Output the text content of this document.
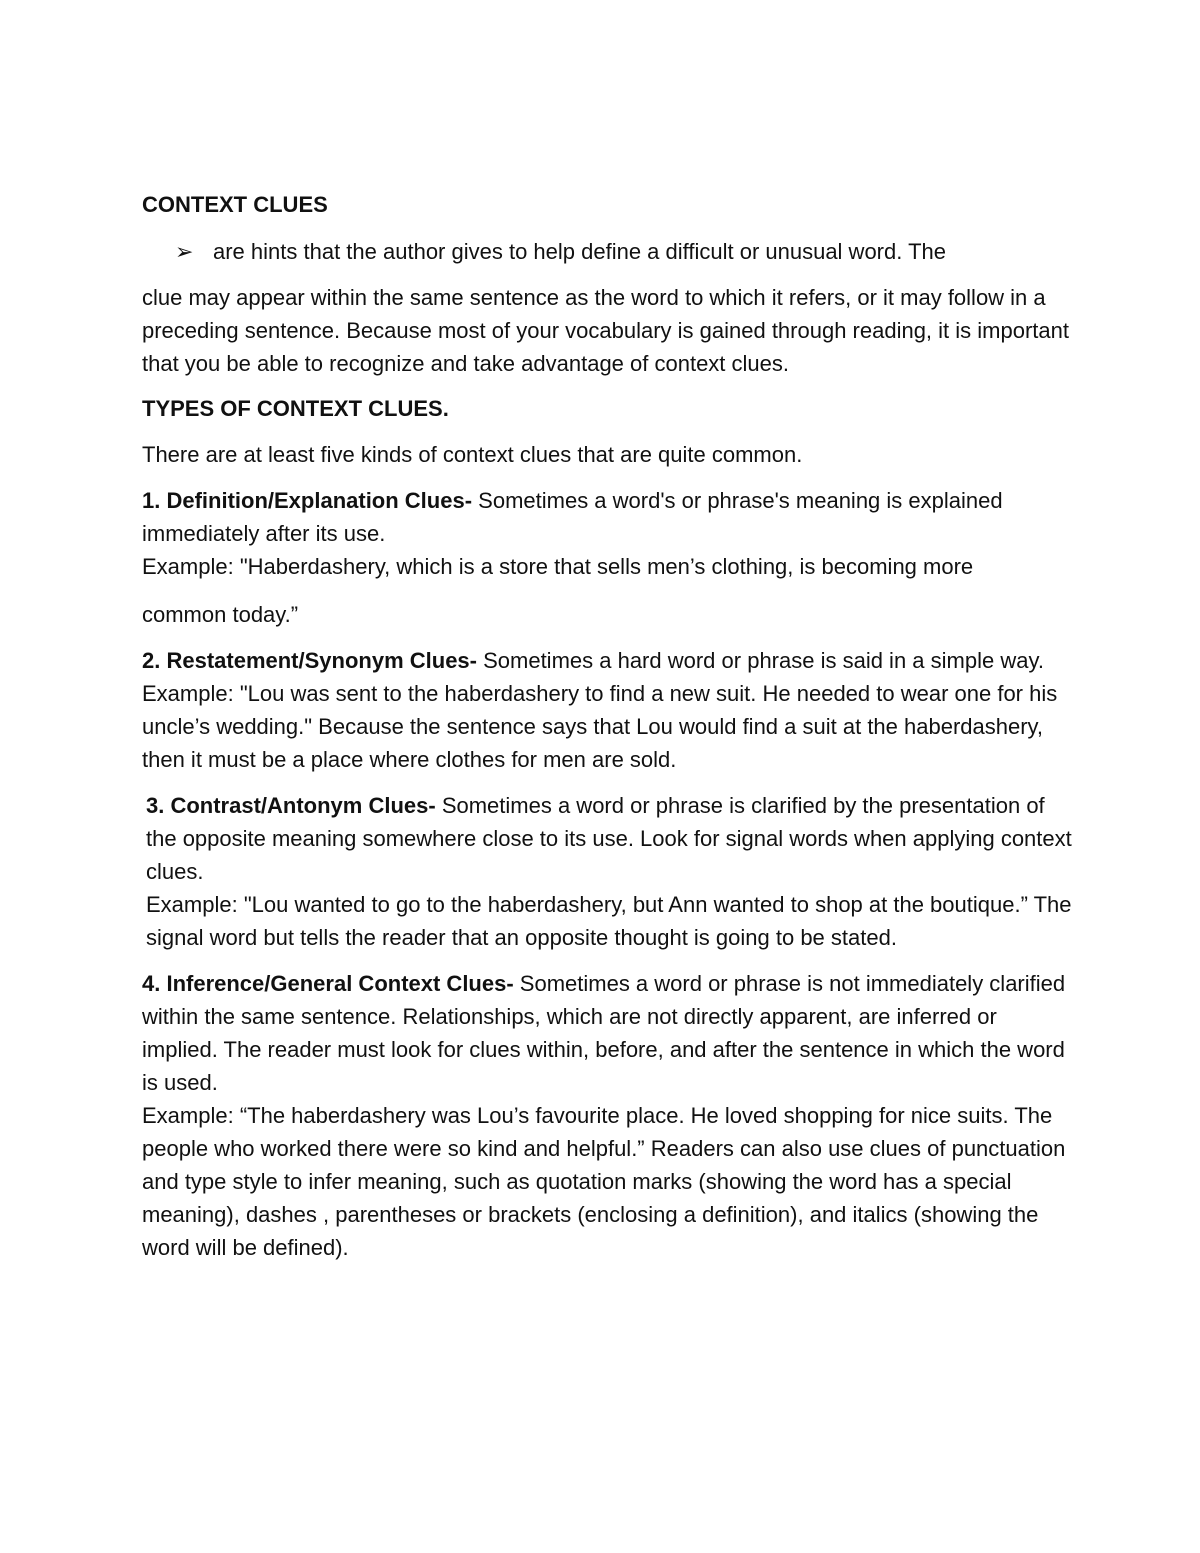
CONTEXT CLUES

➢ are hints that the author gives to help define a difficult or unusual word. The

clue may appear within the same sentence as the word to which it refers, or it may follow in a preceding sentence. Because most of your vocabulary is gained through reading, it is important that you be able to recognize and take advantage of context clues.

TYPES OF CONTEXT CLUES.

There are at least five kinds of context clues that are quite common.

1. Definition/Explanation Clues- Sometimes a word's or phrase's meaning is explained immediately after its use.

Example: "Haberdashery, which is a store that sells men’s clothing, is becoming more

common today.”

2. Restatement/Synonym Clues- Sometimes a hard word or phrase is said in a simple way.

Example: "Lou was sent to the haberdashery to find a new suit. He needed to wear one for his uncle’s wedding." Because the sentence says that Lou would find a suit at the haberdashery, then it must be a place where clothes for men are sold.

3. Contrast/Antonym Clues- Sometimes a word or phrase is clarified by the presentation of the opposite meaning somewhere close to its use. Look for signal words when applying context clues.

Example: "Lou wanted to go to the haberdashery, but Ann wanted to shop at the boutique.” The signal word but tells the reader that an opposite thought is going to be stated.

4. Inference/General Context Clues- Sometimes a word or phrase is not immediately clarified within the same sentence. Relationships, which are not directly apparent, are inferred or implied. The reader must look for clues within, before, and after the sentence in which the word is used.

Example: “The haberdashery was Lou’s favourite place. He loved shopping for nice suits. The people who worked there were so kind and helpful.” Readers can also use clues of punctuation and type style to infer meaning, such as quotation marks (showing the word has a special meaning), dashes , parentheses or brackets (enclosing a definition), and italics (showing the word will be defined).
